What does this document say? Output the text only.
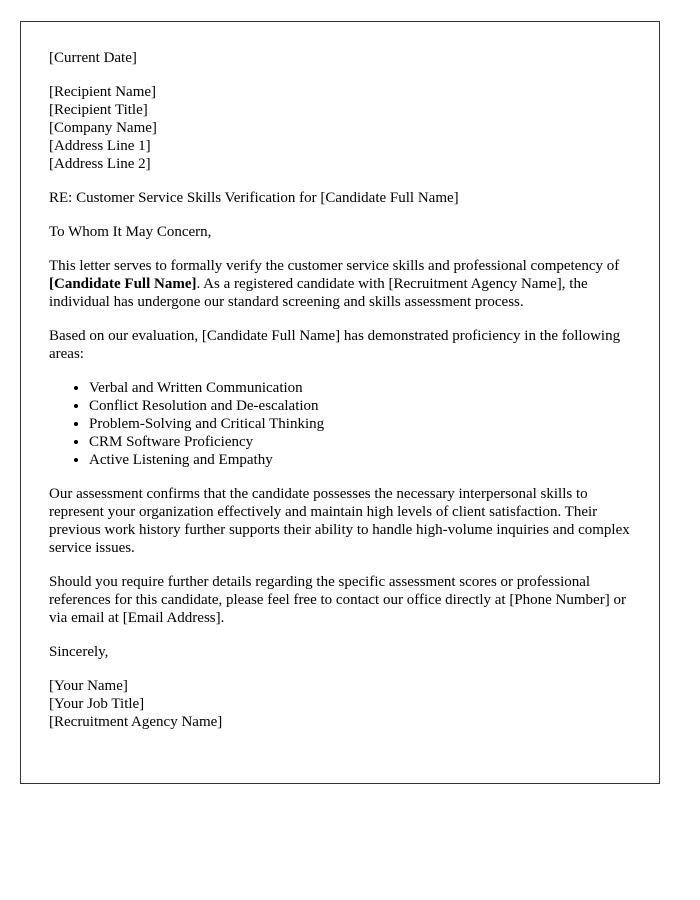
[Current Date]

[Recipient Name]
[Recipient Title]
[Company Name]
[Address Line 1]
[Address Line 2]

RE: Customer Service Skills Verification for [Candidate Full Name]

To Whom It May Concern,

This letter serves to formally verify the customer service skills and professional competency of [Candidate Full Name]. As a registered candidate with [Recruitment Agency Name], the individual has undergone our standard screening and skills assessment process.

Based on our evaluation, [Candidate Full Name] has demonstrated proficiency in the following areas:

• Verbal and Written Communication
• Conflict Resolution and De-escalation
• Problem-Solving and Critical Thinking
• CRM Software Proficiency
• Active Listening and Empathy

Our assessment confirms that the candidate possesses the necessary interpersonal skills to represent your organization effectively and maintain high levels of client satisfaction. Their previous work history further supports their ability to handle high-volume inquiries and complex service issues.

Should you require further details regarding the specific assessment scores or professional references for this candidate, please feel free to contact our office directly at [Phone Number] or via email at [Email Address].

Sincerely,

[Your Name]
[Your Job Title]
[Recruitment Agency Name]
